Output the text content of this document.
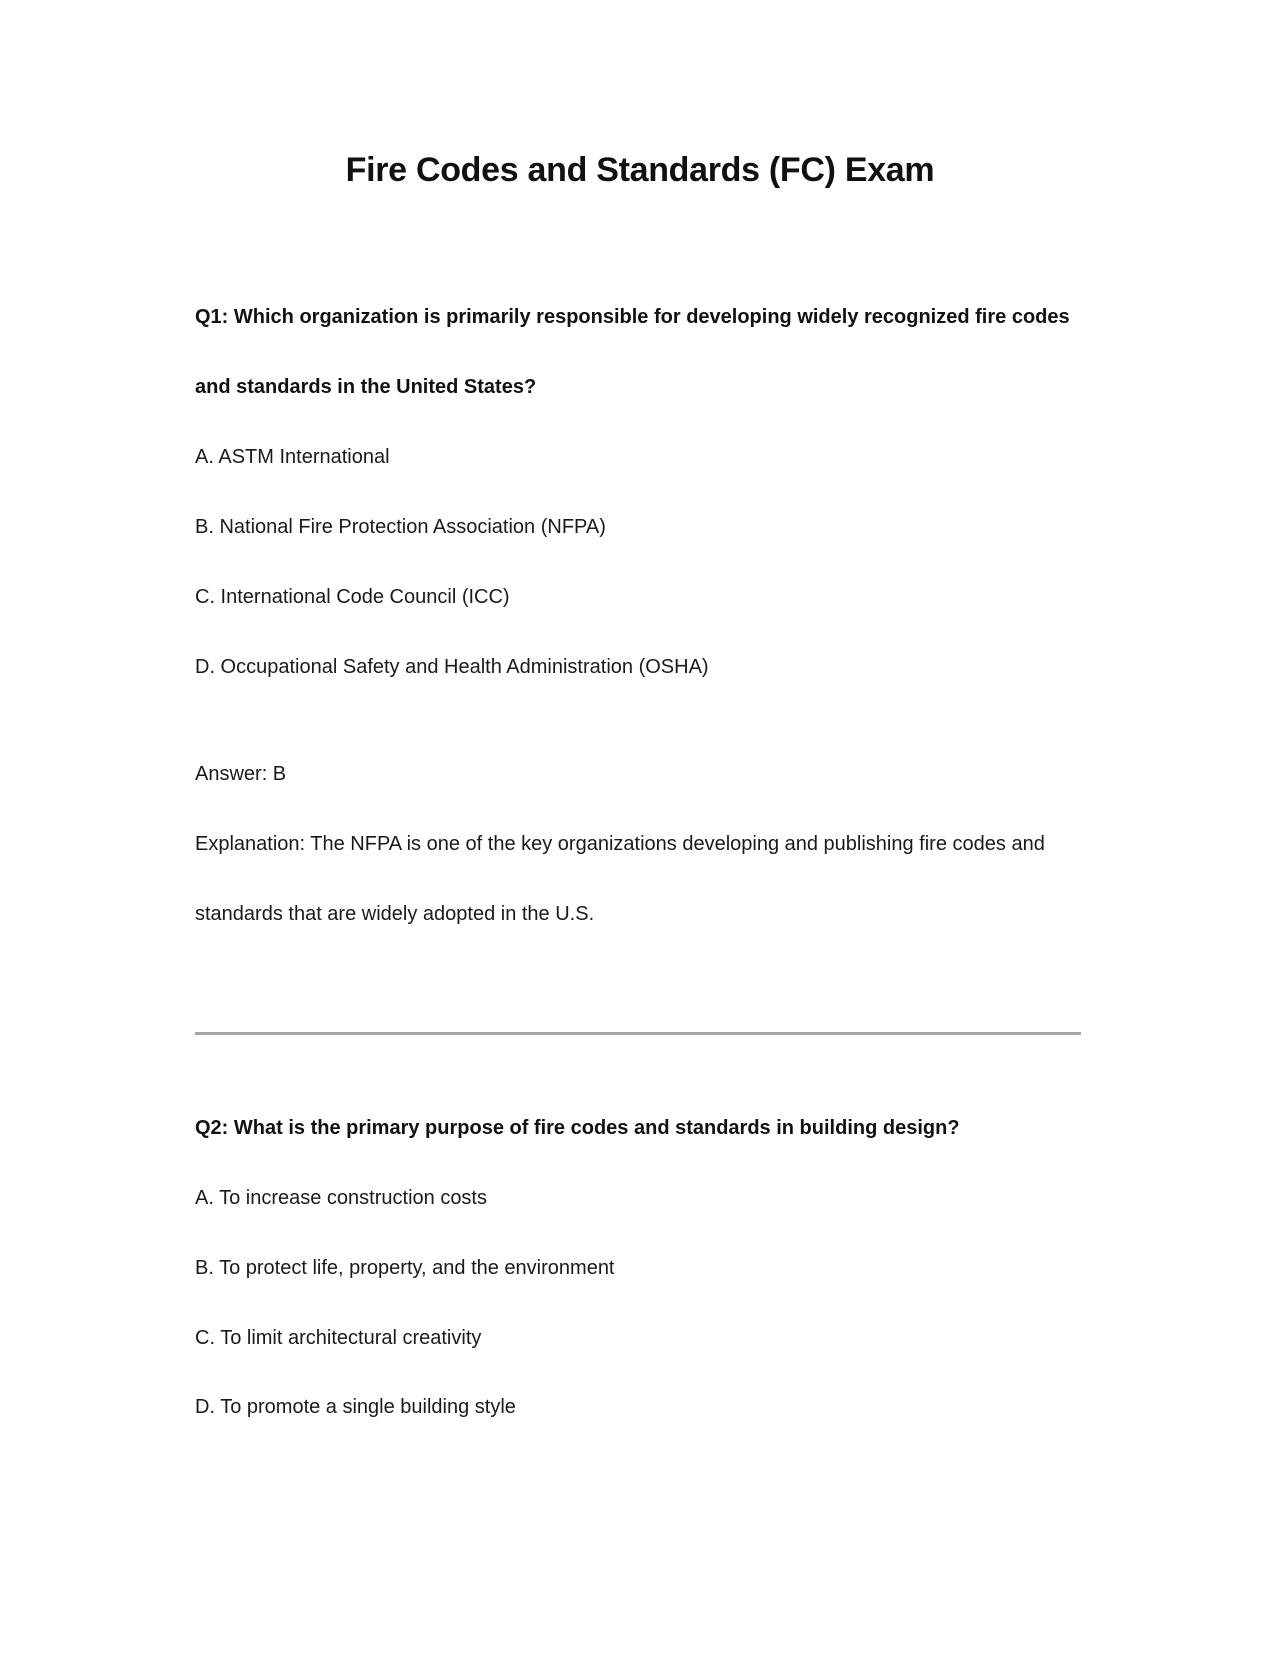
Fire Codes and Standards (FC) Exam

Q1: Which organization is primarily responsible for developing widely recognized fire codes

and standards in the United States?

A. ASTM International

B. National Fire Protection Association (NFPA)

C. International Code Council (ICC)

D. Occupational Safety and Health Administration (OSHA)

Answer: B

Explanation: The NFPA is one of the key organizations developing and publishing fire codes and

standards that are widely adopted in the U.S.

Q2: What is the primary purpose of fire codes and standards in building design?

A. To increase construction costs

B. To protect life, property, and the environment

C. To limit architectural creativity

D. To promote a single building style
